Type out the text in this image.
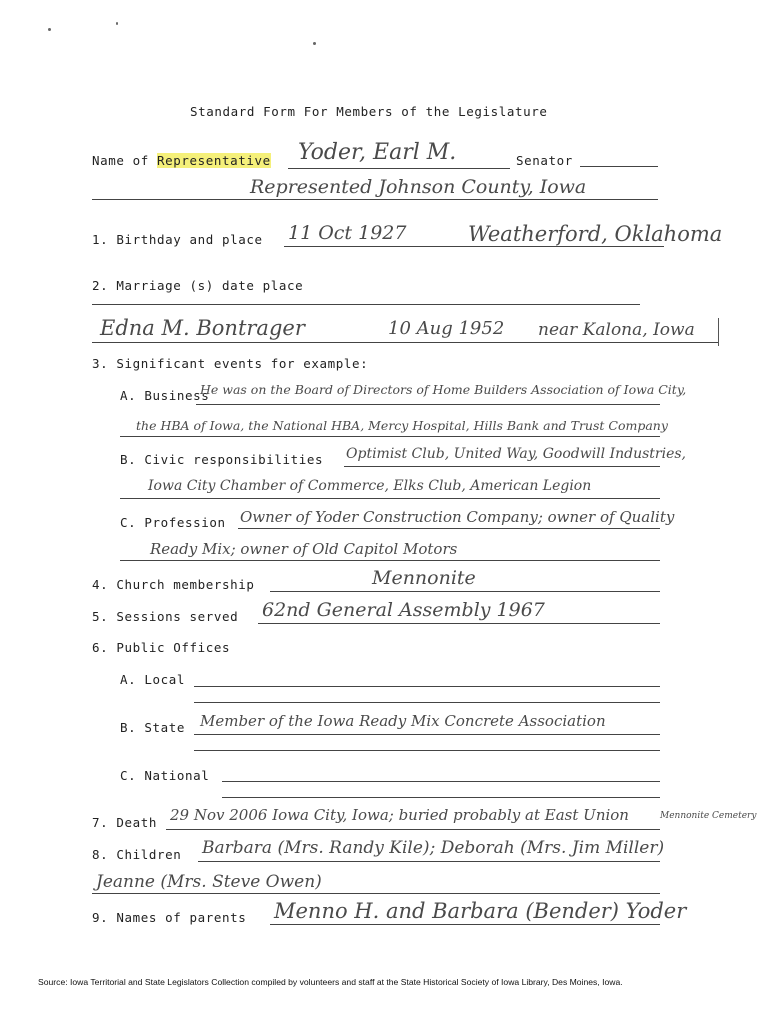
Standard Form For Members of the Legislature
Name of Representative Yoder, Earl M.	Senator
Represented Johnson County, Iowa
1. Birthday and place 11 Oct 1927	Weatherford, Oklahoma
2. Marriage (s) date place
Edna M. Bontrager	10 Aug 1952 near Kalona, Iowa
3. Significant events for example:
A. Business
He was on the Board of Directors of Home Builders Association of Iowa City,
the HBA of Iowa, the National HBA, Mercy Hospital, Hills Bank and Trust Company
B. Civic responsibilities Optimist Club, United Way, Goodwill Industries,
Iowa City Chamber of Commerce, Elks Club, American Legion
C. Profession Owner of Yoder Construction Company; owner of Quality
Ready Mix; owner of Old Capitol Motors
4. Church membership	Mennonite
5. Sessions served 62nd General Assembly 1967
6. Public Offices
A. Local
B. State Member of the Iowa Ready Mix Concrete Association
C. National
7. Death 29 Nov 2006 Iowa City, Iowa; buried probably at East Union	Mennonite Cemetery
8. Children Barbara (Mrs. Randy Kile); Deborah (Mrs. Jim Miller)
Jeanne (Mrs. Steve Owen)
9. Names of parents Menno H. and Barbara (Bender) Yoder
Source: Iowa Territorial and State Legislators Collection compiled by volunteers and staff at the State Historical Society of Iowa Library, Des Moines, Iowa.
